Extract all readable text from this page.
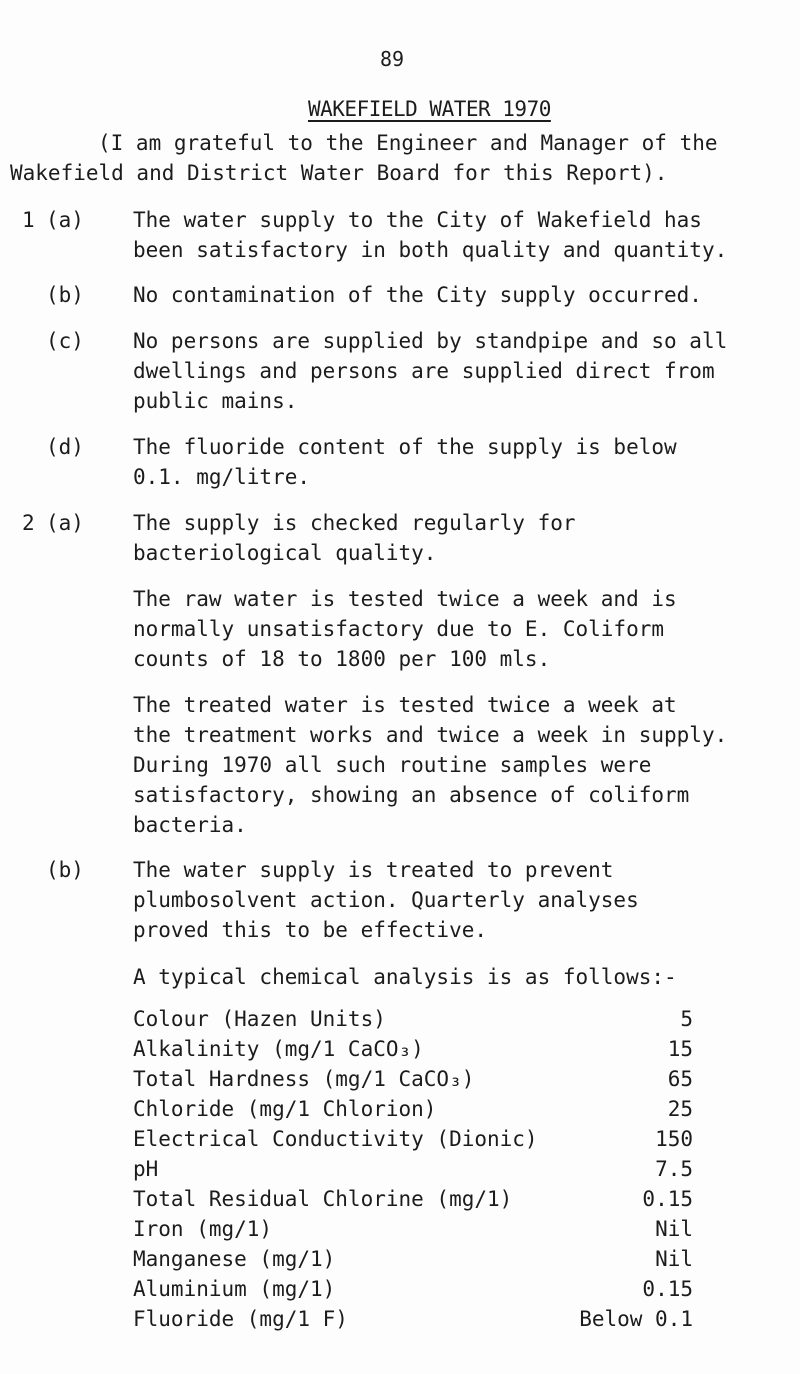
89
WAKEFIELD WATER 1970
(I am grateful to the Engineer and Manager of the
Wakefield and District Water Board for this Report).
1 (a) The water supply to the City of Wakefield has
been satisfactory in both quality and quantity.
(b) No contamination of the City supply occurred.
(c) No persons are supplied by standpipe and so all
dwellings and persons are supplied direct from
public mains.
(d) The fluoride content of the supply is below
0.1. mg/litre.
2 (a) The supply is checked regularly for
bacteriological quality.
The raw water is tested twice a week and is
normally unsatisfactory due to E. Coliform
counts of 18 to 1800 per 100 mls.
The treated water is tested twice a week at
the treatment works and twice a week in supply.
During 1970 all such routine samples were
satisfactory, showing an absence of coliform
bacteria.
(b) The water supply is treated to prevent
plumbosolvent action. Quarterly analyses
proved this to be effective.
A typical chemical analysis is as follows:-
Colour (Hazen Units)	5
Alkalinity (mg/1 CaCO₃)	15
Total Hardness (mg/1 CaCO₃)	65
Chloride (mg/1 Chlorion)	25
Electrical Conductivity (Dionic)	150
pH	7.5
Total Residual Chlorine (mg/1)	0.15
Iron (mg/1)	Nil
Manganese (mg/1)	Nil
Aluminium (mg/1)	0.15
Fluoride (mg/1 F)	Below 0.1
